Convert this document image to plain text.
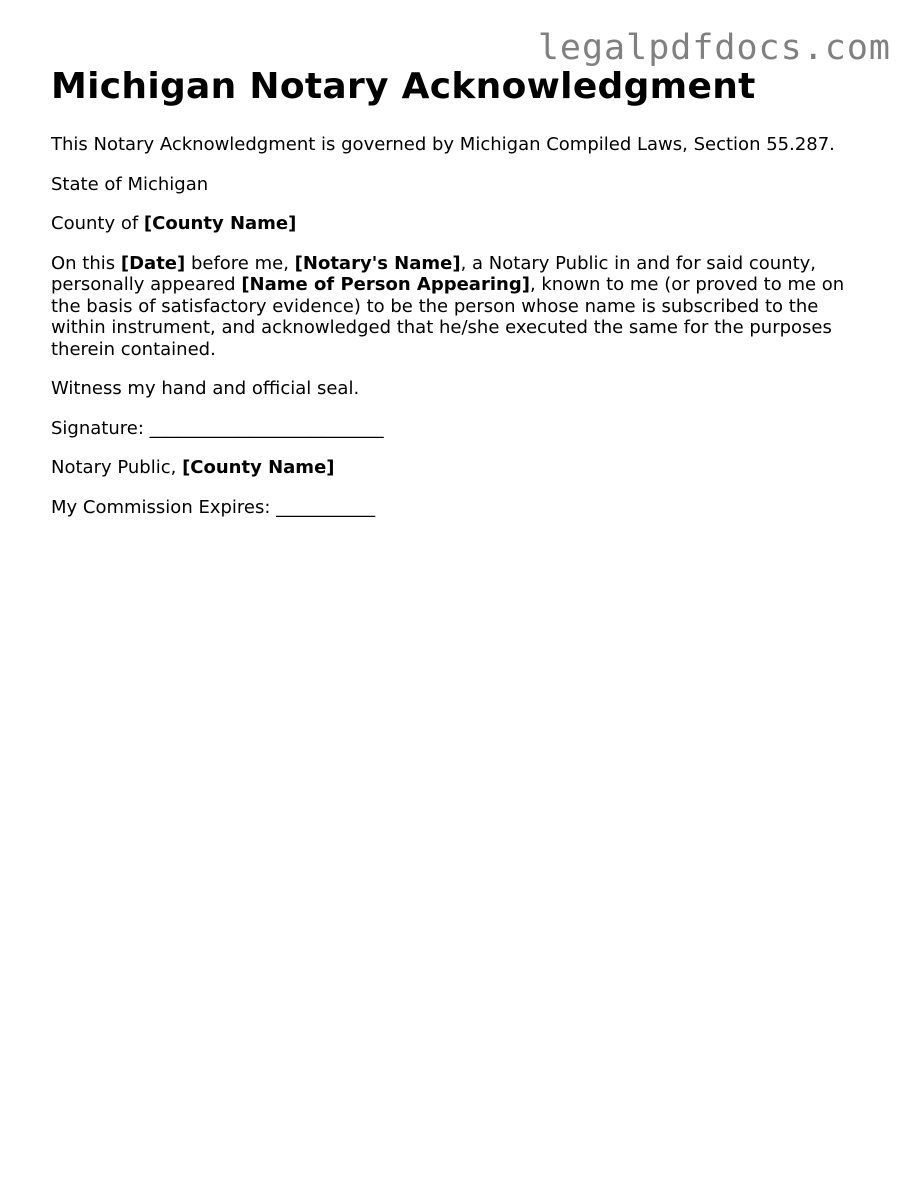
legalpdfdocs.com
Michigan Notary Acknowledgment

This Notary Acknowledgment is governed by Michigan Compiled Laws, Section 55.287.

State of Michigan

County of [County Name]

On this [Date] before me, [Notary's Name], a Notary Public in and for said county, personally appeared [Name of Person Appearing], known to me (or proved to me on the basis of satisfactory evidence) to be the person whose name is subscribed to the within instrument, and acknowledged that he/she executed the same for the purposes therein contained.

Witness my hand and official seal.

Signature: __________________________

Notary Public, [County Name]

My Commission Expires: ___________
